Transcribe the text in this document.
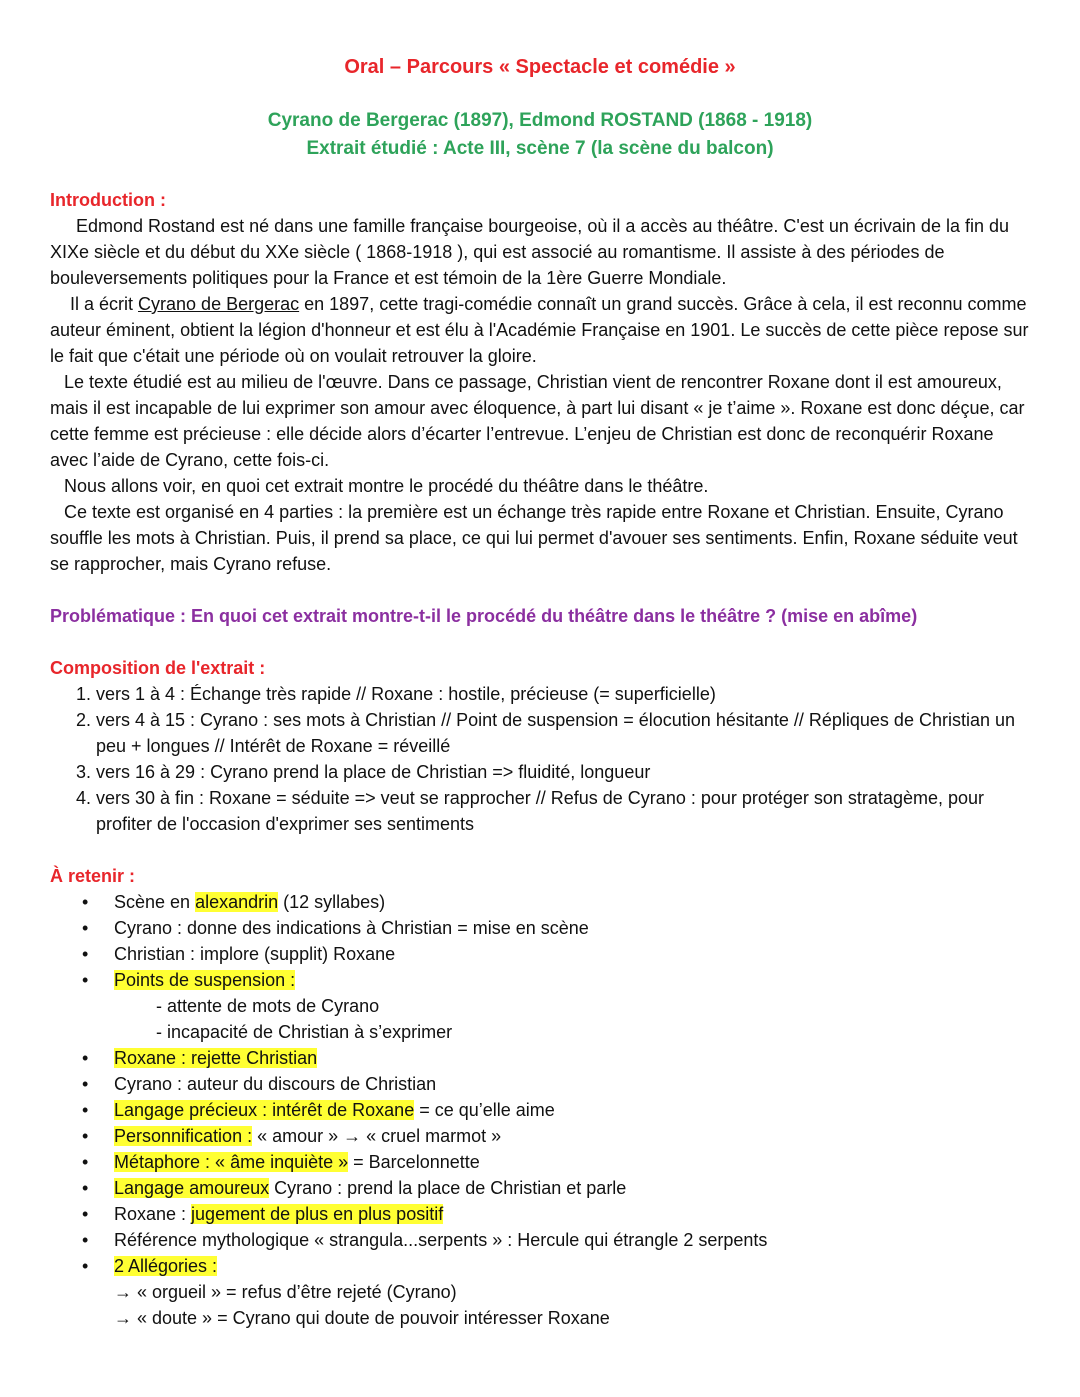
Oral – Parcours « Spectacle et comédie »

Cyrano de Bergerac (1897), Edmond ROSTAND (1868 - 1918)

Extrait étudié : Acte III, scène 7 (la scène du balcon)

Introduction :

Edmond Rostand est né dans une famille française bourgeoise, où il a accès au théâtre. C'est un écrivain de la fin du XIXe siècle et du début du XXe siècle ( 1868-1918 ), qui est associé au romantisme. Il assiste à des périodes de bouleversements politiques pour la France et est témoin de la 1ère Guerre Mondiale.

Il a écrit Cyrano de Bergerac en 1897, cette tragi-comédie connaît un grand succès. Grâce à cela, il est reconnu comme auteur éminent, obtient la légion d'honneur et est élu à l'Académie Française en 1901. Le succès de cette pièce repose sur le fait que c'était une période où on voulait retrouver la gloire.

Le texte étudié est au milieu de l'œuvre. Dans ce passage, Christian vient de rencontrer Roxane dont il est amoureux, mais il est incapable de lui exprimer son amour avec éloquence, à part lui disant « je t’aime ». Roxane est donc déçue, car cette femme est précieuse : elle décide alors d’écarter l’entrevue. L’enjeu de Christian est donc de reconquérir Roxane avec l’aide de Cyrano, cette fois-ci.

Nous allons voir, en quoi cet extrait montre le procédé du théâtre dans le théâtre.

Ce texte est organisé en 4 parties : la première est un échange très rapide entre Roxane et Christian. Ensuite, Cyrano souffle les mots à Christian. Puis, il prend sa place, ce qui lui permet d'avouer ses sentiments. Enfin, Roxane séduite veut se rapprocher, mais Cyrano refuse.

Problématique : En quoi cet extrait montre-t-il le procédé du théâtre dans le théâtre ? (mise en abîme)

Composition de l'extrait :

1. vers 1 à 4 : Échange très rapide // Roxane : hostile, précieuse (= superficielle)
2. vers 4 à 15 : Cyrano : ses mots à Christian // Point de suspension = élocution hésitante // Répliques de Christian un peu + longues // Intérêt de Roxane = réveillé
3. vers 16 à 29 : Cyrano prend la place de Christian => fluidité, longueur
4. vers 30 à fin : Roxane = séduite => veut se rapprocher // Refus de Cyrano : pour protéger son stratagème, pour profiter de l'occasion d'exprimer ses sentiments

À retenir :

• Scène en alexandrin (12 syllabes)
• Cyrano : donne des indications à Christian = mise en scène
• Christian : implore (supplit) Roxane
• Points de suspension :
- attente de mots de Cyrano
- incapacité de Christian à s’exprimer
• Roxane : rejette Christian
• Cyrano : auteur du discours de Christian
• Langage précieux : intérêt de Roxane = ce qu’elle aime
• Personnification : « amour » → « cruel marmot »
• Métaphore : « âme inquiète » = Barcelonnette
• Langage amoureux Cyrano : prend la place de Christian et parle
• Roxane : jugement de plus en plus positif
• Référence mythologique « strangula...serpents » : Hercule qui étrangle 2 serpents
• 2 Allégories :
→ « orgueil » = refus d’être rejeté (Cyrano)
→ « doute » = Cyrano qui doute de pouvoir intéresser Roxane
